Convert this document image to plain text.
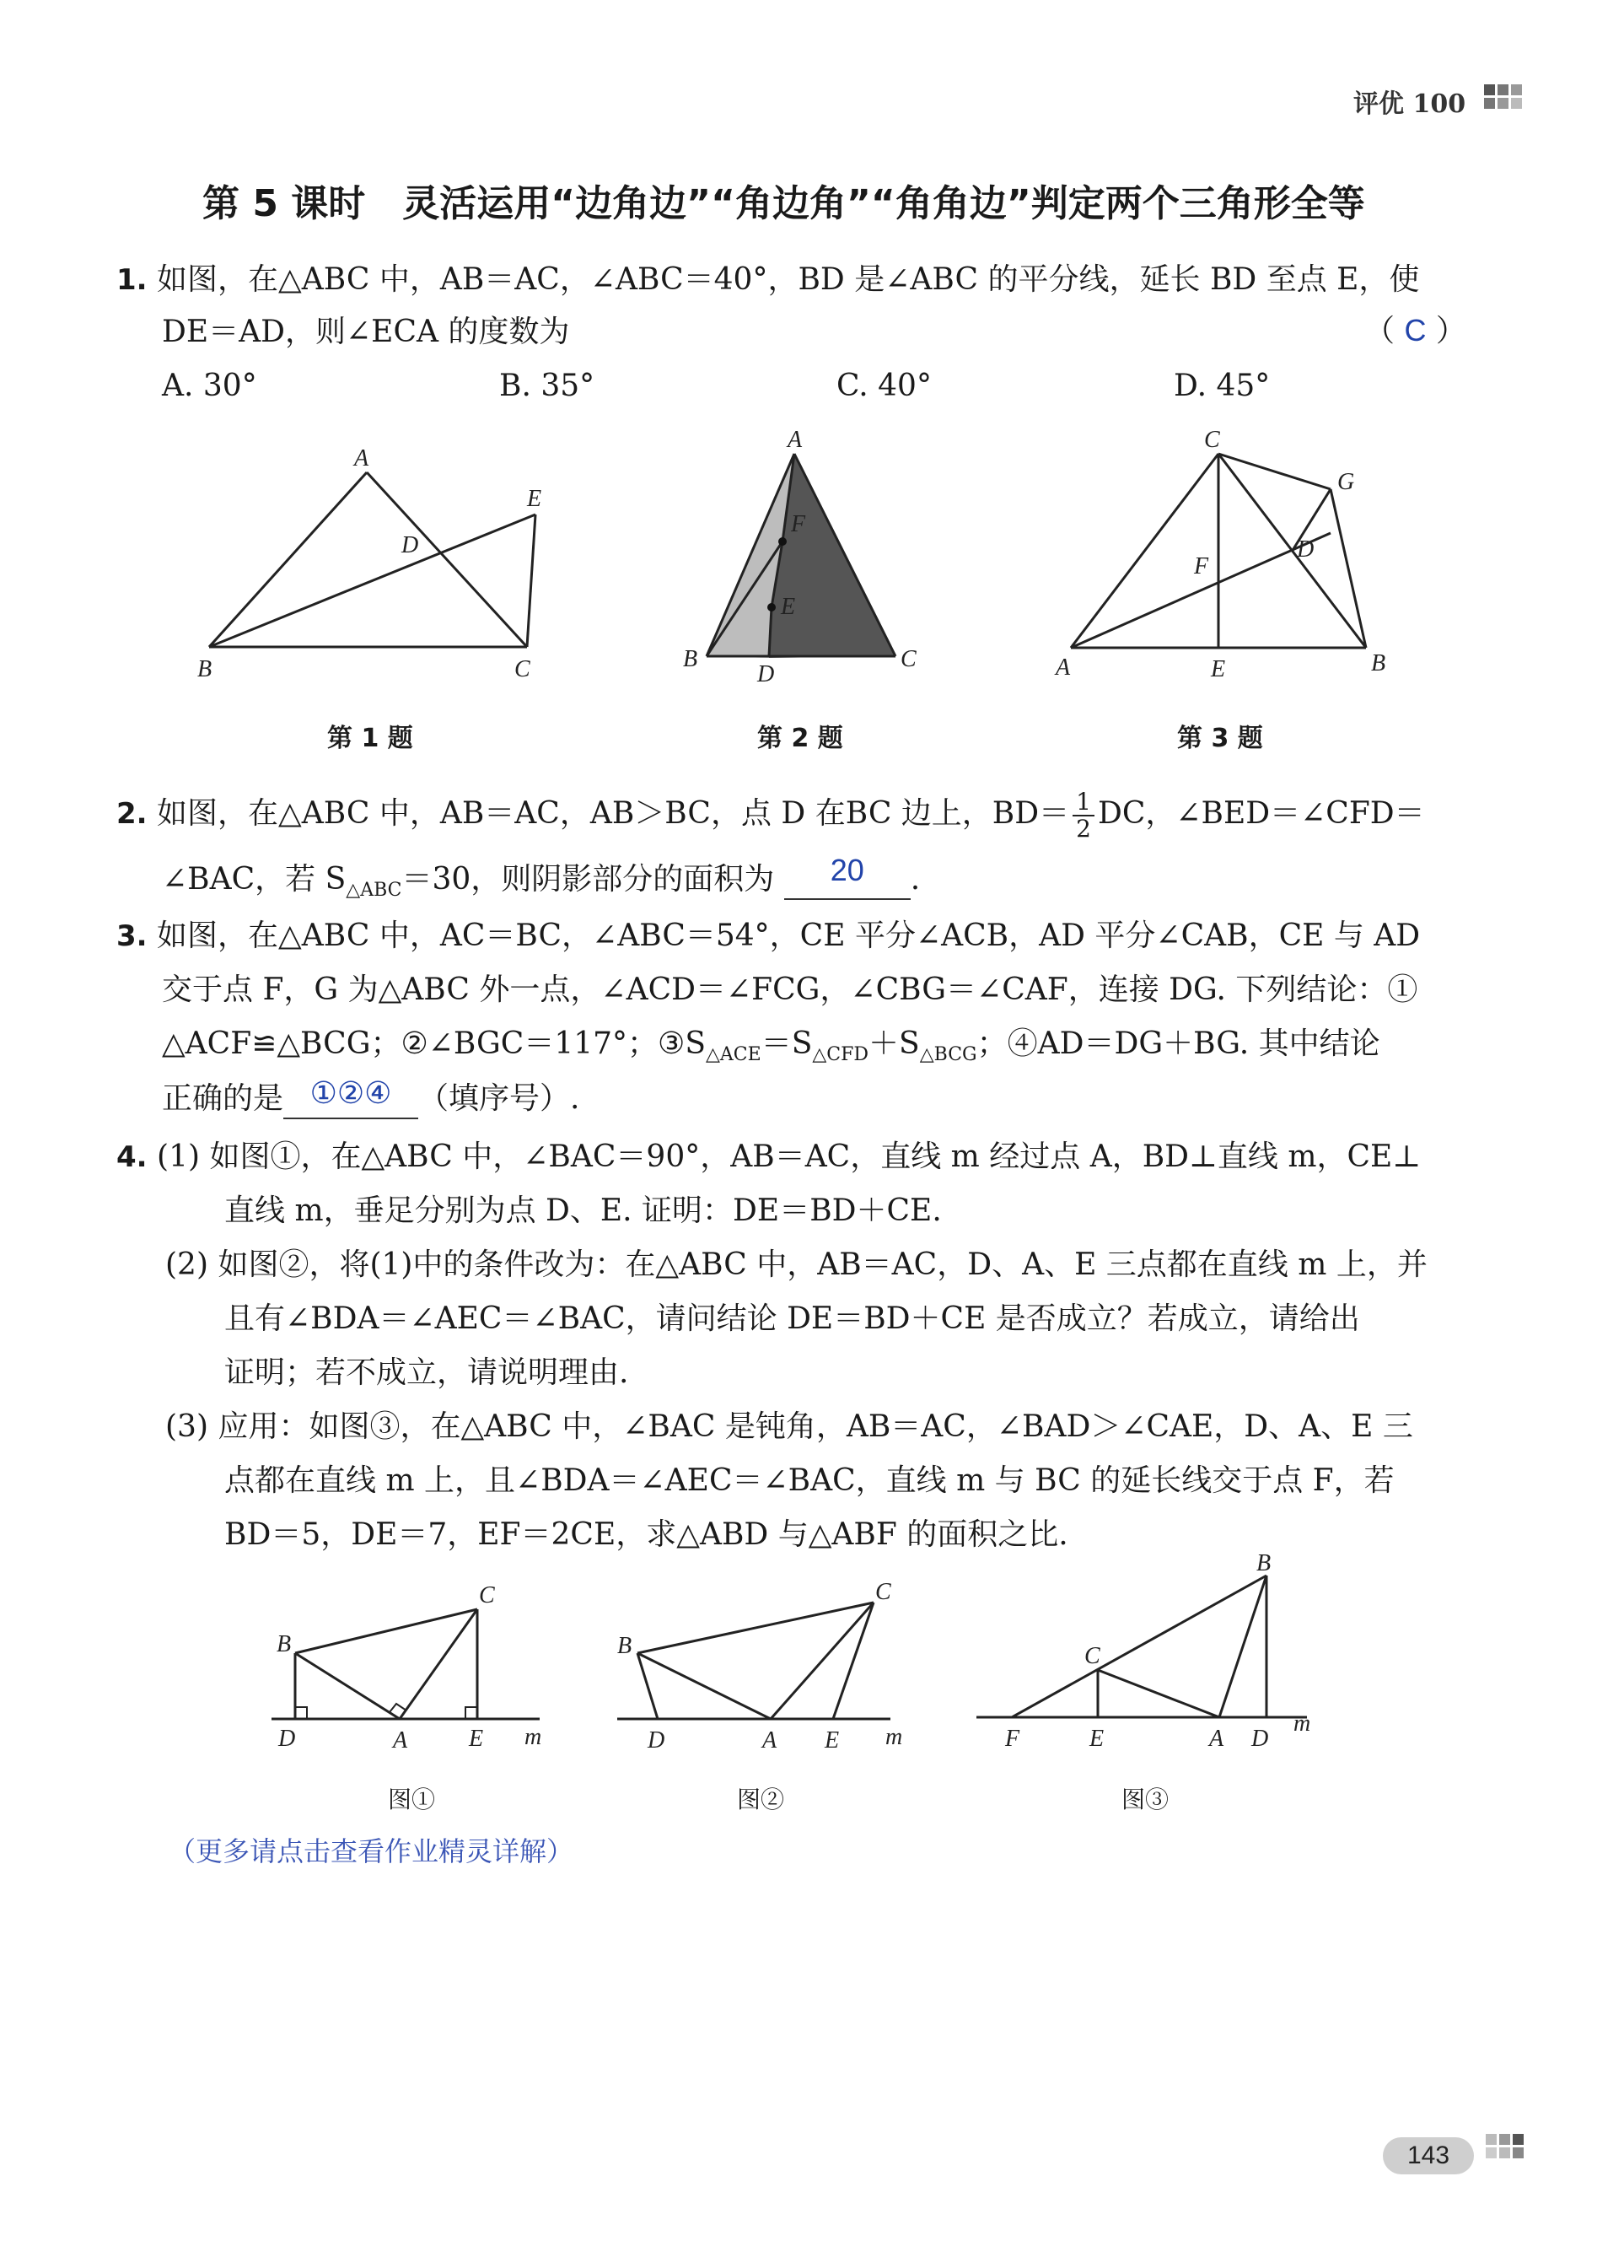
评优 100
第 5 课时　灵活运用“边角边”“角边角”“角角边”判定两个三角形全等
1. 如图，在△ABC 中，AB＝AC，∠ABC＝40°，BD 是∠ABC 的平分线，延长 BD 至点 E，使
DE＝AD，则∠ECA 的度数为	（ C ）
A. 30°	B. 35°	C. 40°	D. 45°
A
B	C
D
E
第 1 题
A
B	C
D
E
F
第 2 题
C
A	B
E
F
D
G
第 3 题
2. 如图，在△ABC 中，AB＝AC，AB＞BC，点 D 在BC 边上，$BD= \frac{1}{2}$ DC，∠BED＝∠CFD＝
∠BAC，若 $S_{\triangle ABC}=30$，则阴影部分的面积为 20 .
3. 如图，在△ABC 中，AC＝BC，∠ABC＝54°，CE 平分∠ACB，AD 平分∠CAB，CE 与 AD
交于点 F，G 为△ABC 外一点，∠ACD＝∠FCG，∠CBG＝∠CAF，连接 DG. 下列结论：①
△ACF≌△BCG；②∠BGC＝117°；$③S_{\triangle ACE}=S_{\triangle CFD}+S_{\triangle BCG}$；④AD＝DG＋BG. 其中结论
正确的是 ①②④ （填序号）.
4. (1) 如图①，在△ABC 中，∠BAC＝90°，AB＝AC，直线 m 经过点 A，BD⊥直线 m，CE⊥
直线 m，垂足分别为点 D、E. 证明：DE＝BD＋CE.
(2) 如图②，将(1)中的条件改为：在△ABC 中，AB＝AC，D、A、E 三点都在直线 m 上，并
且有∠BDA＝∠AEC＝∠BAC，请问结论 DE＝BD＋CE 是否成立？若成立，请给出
证明；若不成立，请说明理由.
(3) 应用：如图③，在△ABC 中，∠BAC 是钝角，AB＝AC，∠BAD＞∠CAE，D、A、E 三
点都在直线 m 上，且∠BDA＝∠AEC＝∠BAC，直线 m 与 BC 的延长线交于点 F，若
BD＝5，DE＝7，EF＝2CE，求△ABD 与△ABF 的面积之比.
B
C
D	A	E m
图①
B
C
D	A E m
图②
B
C
F	E	A D
m
图③
（更多请点击查看作业精灵详解）
143
